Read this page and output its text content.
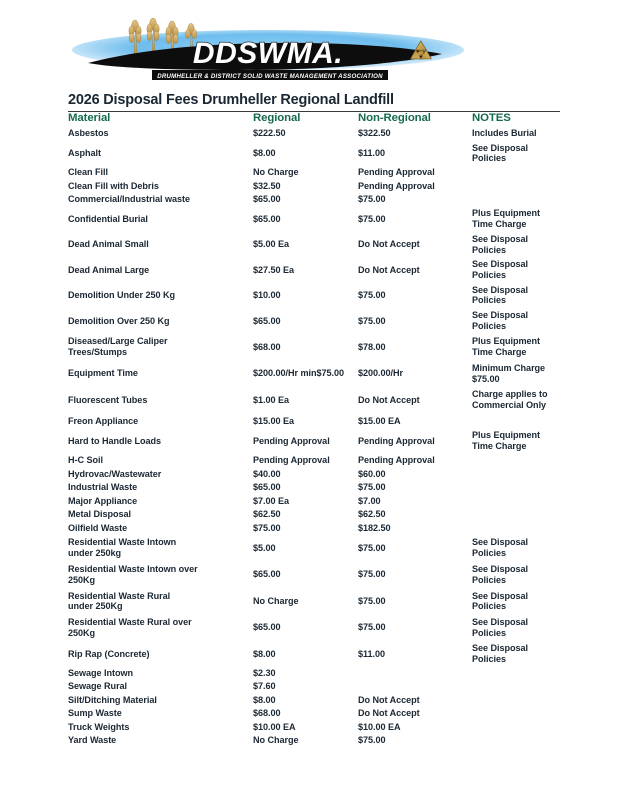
DDSWMA.
DRUMHELLER & DISTRICT SOLID WASTE MANAGEMENT ASSOCIATION
2026 Disposal Fees Drumheller Regional Landfill
Material	Regional	Non-Regional	NOTES
Asbestos	$222.50	$322.50	Includes Burial
Asphalt	$8.00	$11.00	See Disposal Policies
Clean Fill	No Charge	Pending Approval	
Clean Fill with Debris	$32.50	Pending Approval	
Commercial/Industrial waste	$65.00	$75.00	
Confidential Burial	$65.00	$75.00	Plus Equipment Time Charge
Dead Animal Small	$5.00 Ea	Do Not Accept	See Disposal Policies
Dead Animal Large	$27.50 Ea	Do Not Accept	See Disposal Policies
Demolition Under 250 Kg	$10.00	$75.00	See Disposal Policies
Demolition Over 250 Kg	$65.00	$75.00	See Disposal Policies

Diseased/Large Caliper
Trees/Stumps	$68.00	$78.00	Plus Equipment Time Charge
Equipment Time	$200.00/Hr min$75.00	$200.00/Hr	Minimum Charge $75.00
Fluorescent Tubes	$1.00 Ea	Do Not Accept	Charge applies to Commercial Only
Freon Appliance	$15.00 Ea	$15.00 EA	
Hard to Handle Loads	Pending Approval	Pending Approval	Plus Equipment Time Charge
H-C Soil	Pending Approval	Pending Approval	
Hydrovac/Wastewater	$40.00	$60.00	
Industrial Waste	$65.00	$75.00	
Major Appliance	$7.00 Ea	$7.00	
Metal Disposal	$62.50	$62.50	
Oilfield Waste	$75.00	$182.50	

Residential Waste Intown
under 250kg	$5.00	$75.00	See Disposal Policies

Residential Waste Intown over
250Kg	$65.00	$75.00	See Disposal Policies

Residential Waste Rural
under 250Kg	No Charge	$75.00	See Disposal Policies

Residential Waste Rural over
250Kg	$65.00	$75.00	See Disposal Policies
Rip Rap (Concrete)	$8.00	$11.00	See Disposal Policies
Sewage Intown	$2.30		
Sewage Rural	$7.60		
Silt/Ditching Material	$8.00	Do Not Accept	
Sump Waste	$68.00	Do Not Accept	
Truck Weights	$10.00 EA	$10.00 EA	
Yard Waste	No Charge	$75.00	
